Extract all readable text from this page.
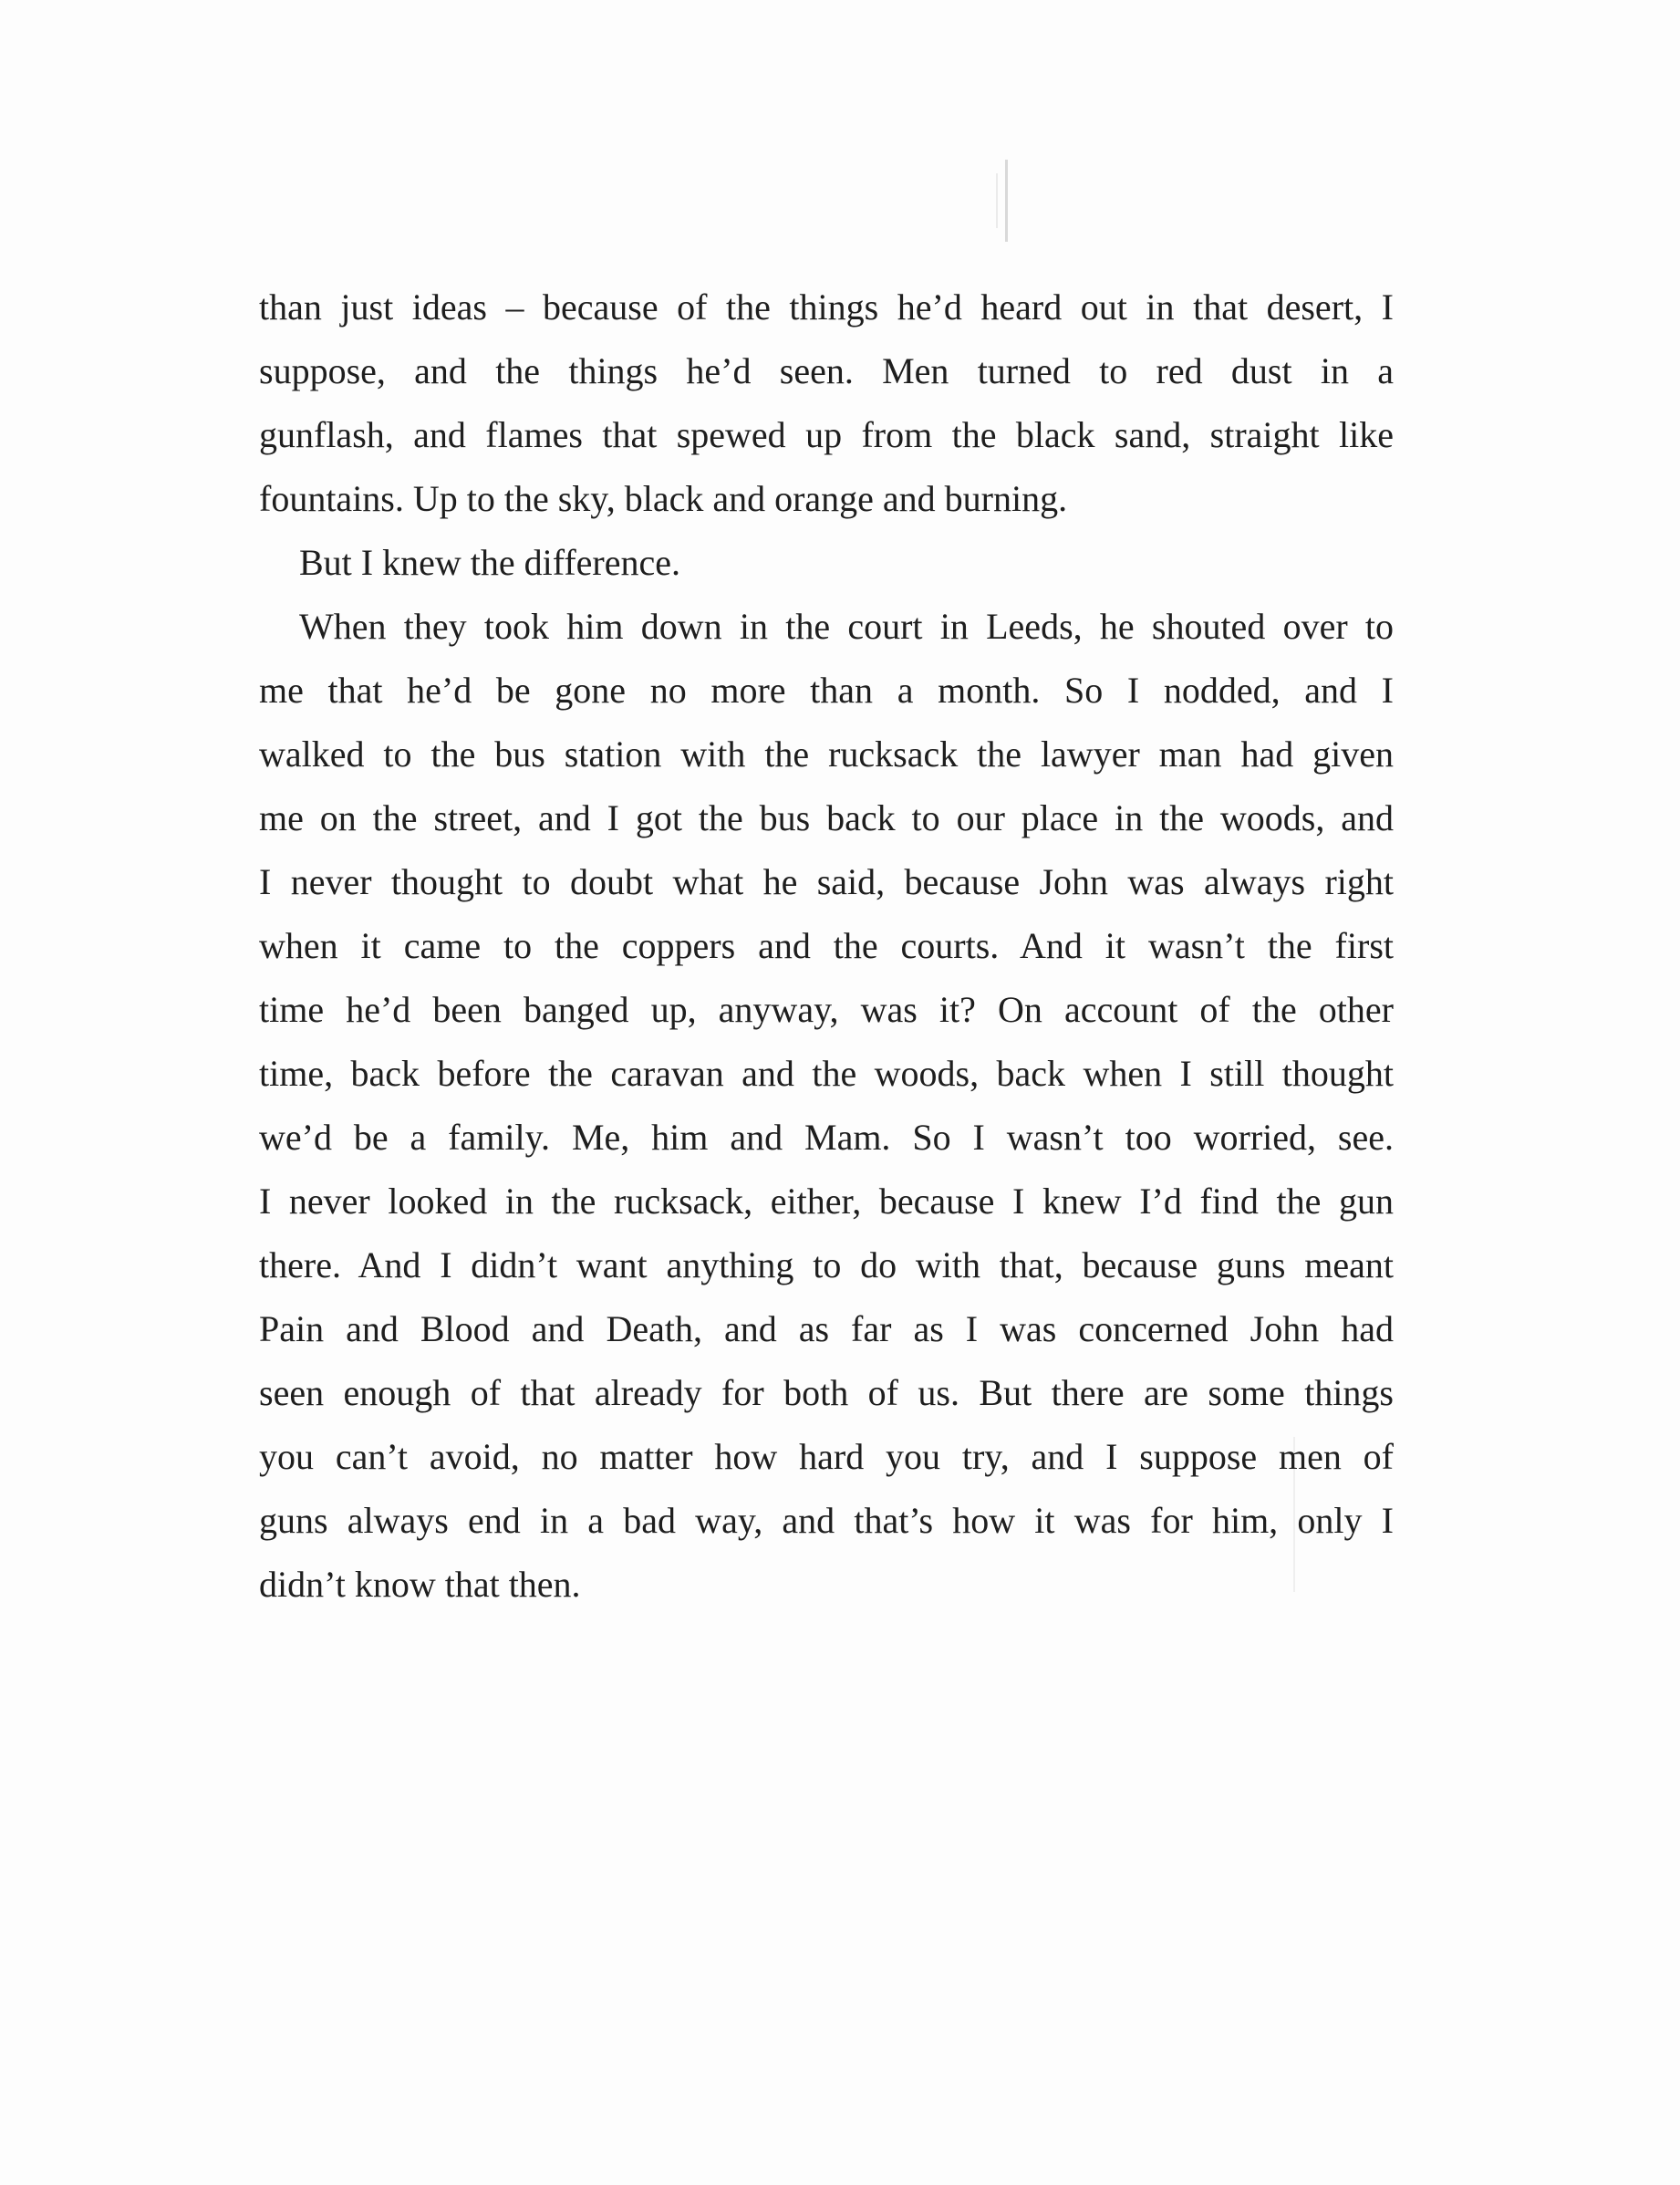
than just ideas – because of the things he’d heard out in that desert, I
suppose, and the things he’d seen. Men turned to red dust in a
gunflash, and flames that spewed up from the black sand, straight like
fountains. Up to the sky, black and orange and burning.
But I knew the difference.
When they took him down in the court in Leeds, he shouted over to
me that he’d be gone no more than a month. So I nodded, and I
walked to the bus station with the rucksack the lawyer man had given
me on the street, and I got the bus back to our place in the woods, and
I never thought to doubt what he said, because John was always right
when it came to the coppers and the courts. And it wasn’t the first
time he’d been banged up, anyway, was it? On account of the other
time, back before the caravan and the woods, back when I still thought
we’d be a family. Me, him and Mam. So I wasn’t too worried, see.
I never looked in the rucksack, either, because I knew I’d find the gun
there. And I didn’t want anything to do with that, because guns meant
Pain and Blood and Death, and as far as I was concerned John had
seen enough of that already for both of us. But there are some things
you can’t avoid, no matter how hard you try, and I suppose men of
guns always end in a bad way, and that’s how it was for him, only I
didn’t know that then.
